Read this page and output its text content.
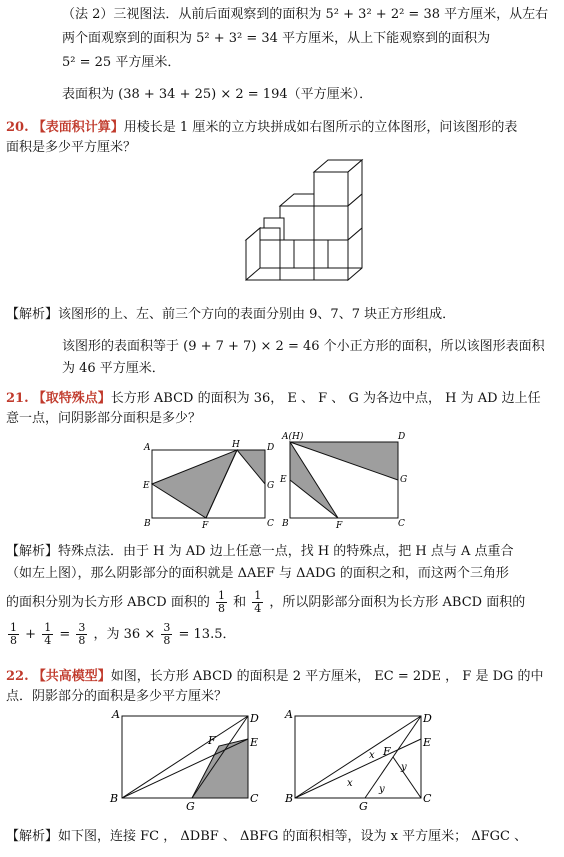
（法 2）三视图法．从前后面观察到的面积为 5² + 3² + 2² = 38 平方厘米，从左右
两个面观察到的面积为 5² + 3² = 34 平方厘米，从上下能观察到的面积为
5² = 25 平方厘米．
表面积为 (38 + 34 + 25) × 2 = 194（平方厘米）．
20. 【表面积计算】用棱长是 1 厘米的立方块拼成如右图所示的立体图形，问该图形的表
面积是多少平方厘米？
【解析】该图形的上、左、前三个方向的表面分别由 9、7、7 块正方形组成．
该图形的表面积等于 (9 + 7 + 7) × 2 = 46 个小正方形的面积，所以该图形表面积
为 46 平方厘米．
21. 【取特殊点】长方形 ABCD 的面积为 36， E 、 F 、 G 为各边中点， H 为 AD 边上任
意一点，问阴影部分面积是多少？
A	H	D
E	G
B	F	C
A(H)	D
E	G
B	F	C
【解析】特殊点法．由于 H 为 AD 边上任意一点，找 H 的特殊点，把 H 点与 A 点重合
（如左上图），那么阴影部分的面积就是 ΔAEF 与 ΔADG 的面积之和，而这两个三角形
的面积分别为长方形 ABCD 面积的 $\frac{1}{8}$ 和 $\frac{1}{4}$ ，所以阴影部分面积为长方形 ABCD 面积的
$\frac{1}{8} + \frac{1}{4} = \frac{3}{8}$ ，为 $36 \times \frac{3}{8} = 13.5$．
22. 【共高模型】如图，长方形 ABCD 的面积是 2 平方厘米， EC = 2DE ， F 是 DG 的中
点．阴影部分的面积是多少平方厘米？
A	D
E
F
B
G
C
A	D
E
F
x
x
y
y
B
G
C
【解析】如下图，连接 FC ， ΔDBF 、 ΔBFG 的面积相等，设为 x 平方厘米； ΔFGC 、
